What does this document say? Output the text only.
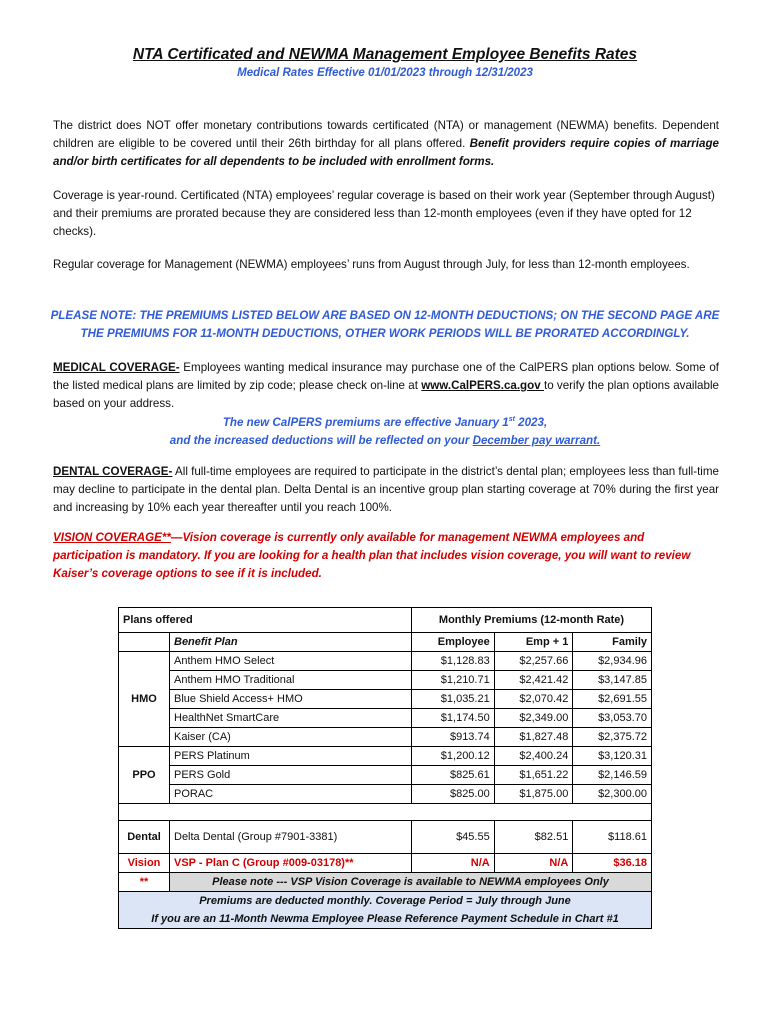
NTA Certificated and NEWMA Management Employee Benefits Rates
Medical Rates Effective 01/01/2023 through 12/31/2023
The district does NOT offer monetary contributions towards certificated (NTA) or management (NEWMA) benefits. Dependent children are eligible to be covered until their 26th birthday for all plans offered. Benefit providers require copies of marriage and/or birth certificates for all dependents to be included with enrollment forms.
Coverage is year-round. Certificated (NTA) employees’ regular coverage is based on their work year (September through August) and their premiums are prorated because they are considered less than 12-month employees (even if they have opted for 12 checks).
Regular coverage for Management (NEWMA) employees’ runs from August through July, for less than 12-month employees.
PLEASE NOTE: THE PREMIUMS LISTED BELOW ARE BASED ON 12-MONTH DEDUCTIONS; ON THE SECOND PAGE ARE THE PREMIUMS FOR 11-MONTH DEDUCTIONS, OTHER WORK PERIODS WILL BE PRORATED ACCORDINGLY.
MEDICAL COVERAGE- Employees wanting medical insurance may purchase one of the CalPERS plan options below. Some of the listed medical plans are limited by zip code; please check on-line at www.CalPERS.ca.gov to verify the plan options available based on your address.
The new CalPERS premiums are effective January 1st 2023,
and the increased deductions will be reflected on your December pay warrant.
DENTAL COVERAGE- All full-time employees are required to participate in the district’s dental plan; employees less than full-time may decline to participate in the dental plan. Delta Dental is an incentive group plan starting coverage at 70% during the first year and increasing by 10% each year thereafter until you reach 100%.
VISION COVERAGE**—Vision coverage is currently only available for management NEWMA employees and participation is mandatory. If you are looking for a health plan that includes vision coverage, you will want to review Kaiser’s coverage options to see if it is included.
Plans offered		Monthly Premiums (12-month Rate)		
	Benefit Plan	Employee	Emp + 1	Family
HMO	Anthem HMO Select	$1,128.83	$2,257.66	$2,934.96
	Anthem HMO Traditional	$1,210.71	$2,421.42	$3,147.85
	Blue Shield Access+ HMO	$1,035.21	$2,070.42	$2,691.55
	HealthNet SmartCare	$1,174.50	$2,349.00	$3,053.70
	Kaiser (CA)	$913.74	$1,827.48	$2,375.72
PPO	PERS Platinum	$1,200.12	$2,400.24	$3,120.31
	PERS Gold	$825.61	$1,651.22	$2,146.59
	PORAC	$825.00	$1,875.00	$2,300.00

Dental	Delta Dental (Group #7901-3381)	$45.55	$82.51	$118.61
Vision	VSP - Plan C (Group #009-03178)**	N/A	N/A	$36.18
**	Please note --- VSP Vision Coverage is available to NEWMA employees Only			
Premiums are deducted monthly. Coverage Period = July through June
If you are an 11-Month Newma Employee Please Reference Payment Schedule in Chart #1				
